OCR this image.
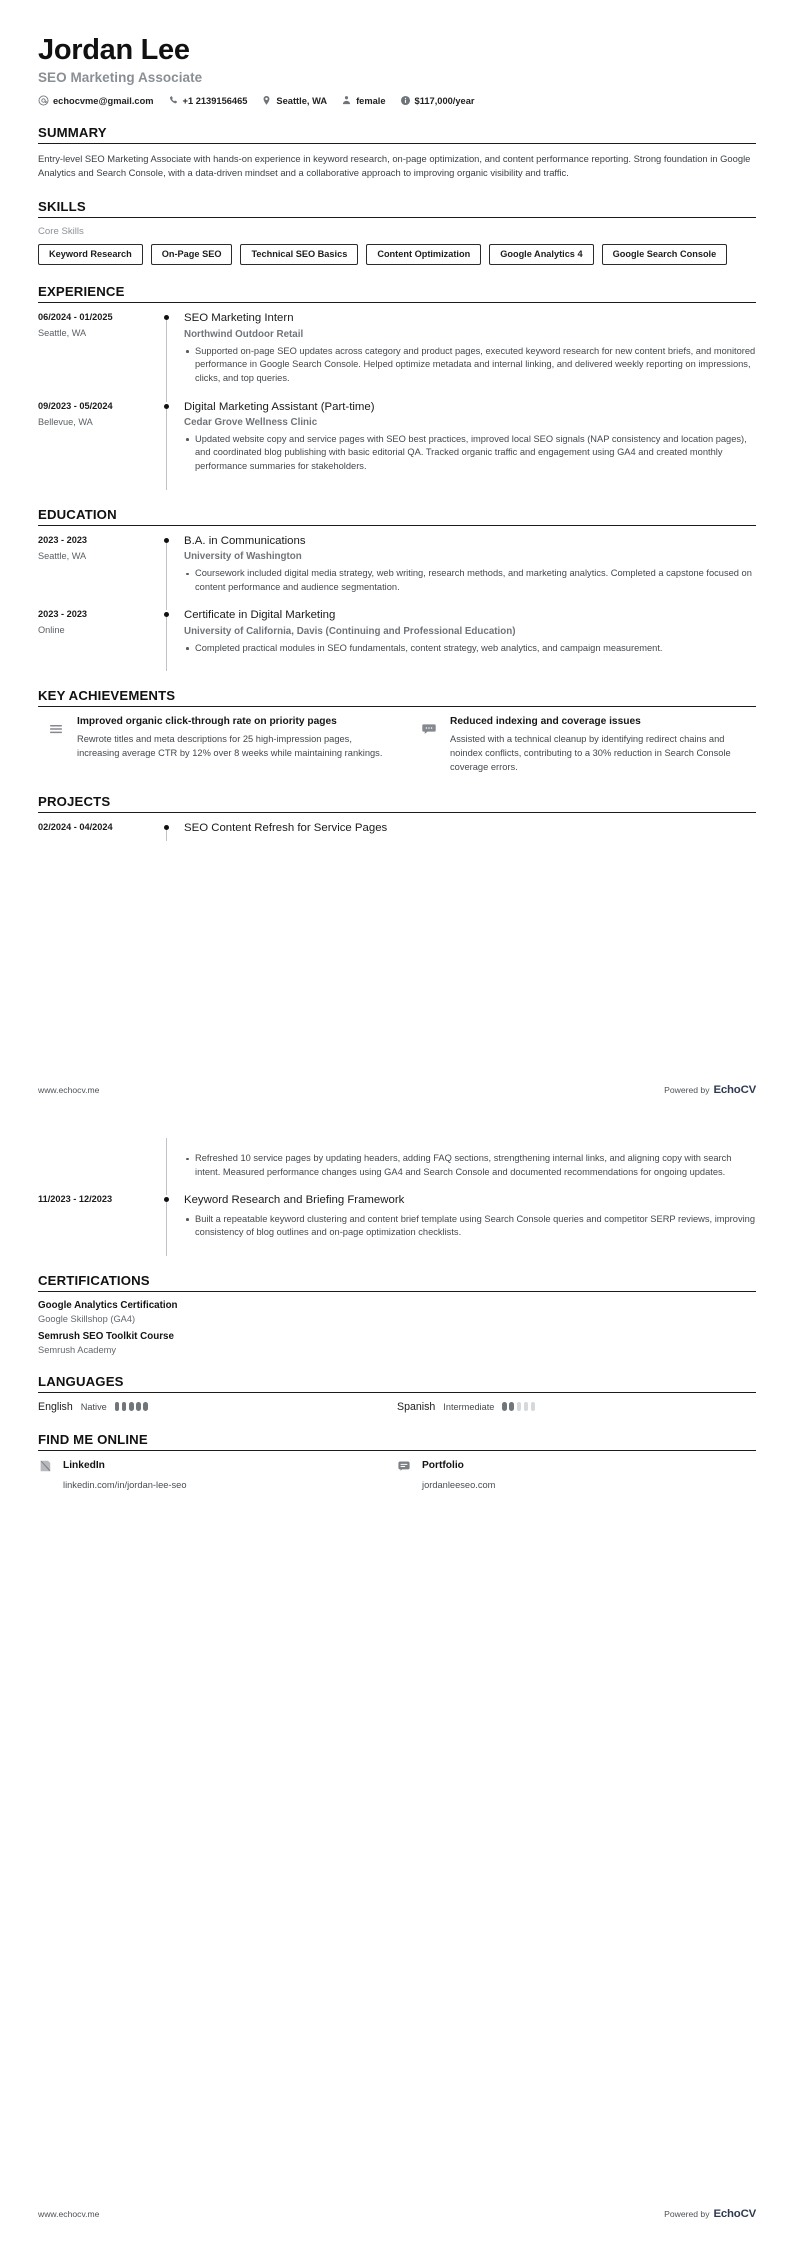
Jordan Lee
SEO Marketing Associate
echocvme@gmail.com	+1 2139156465	Seattle, WA	female	$117,000/year
SUMMARY
Entry-level SEO Marketing Associate with hands-on experience in keyword research, on-page optimization, and content performance reporting. Strong foundation in Google Analytics and Search Console, with a data-driven mindset and a collaborative approach to improving organic visibility and traffic.
SKILLS
Core Skills
Keyword Research	On-Page SEO	Technical SEO Basics	Content Optimization	Google Analytics 4	Google Search Console
EXPERIENCE
06/2024 - 01/2025
Seattle, WA
SEO Marketing Intern
Northwind Outdoor Retail
Supported on-page SEO updates across category and product pages, executed keyword research for new content briefs, and monitored performance in Google Search Console. Helped optimize metadata and internal linking, and delivered weekly reporting on impressions, clicks, and top queries.
09/2023 - 05/2024
Bellevue, WA
Digital Marketing Assistant (Part-time)
Cedar Grove Wellness Clinic
Updated website copy and service pages with SEO best practices, improved local SEO signals (NAP consistency and location pages), and coordinated blog publishing with basic editorial QA. Tracked organic traffic and engagement using GA4 and created monthly performance summaries for stakeholders.
EDUCATION
2023 - 2023
Seattle, WA
B.A. in Communications
University of Washington
Coursework included digital media strategy, web writing, research methods, and marketing analytics. Completed a capstone focused on content performance and audience segmentation.
2023 - 2023
Online
Certificate in Digital Marketing
University of California, Davis (Continuing and Professional Education)
Completed practical modules in SEO fundamentals, content strategy, web analytics, and campaign measurement.
KEY ACHIEVEMENTS
Improved organic click-through rate on priority pages
Rewrote titles and meta descriptions for 25 high-impression pages, increasing average CTR by 12% over 8 weeks while maintaining rankings.
Reduced indexing and coverage issues
Assisted with a technical cleanup by identifying redirect chains and noindex conflicts, contributing to a 30% reduction in Search Console coverage errors.
PROJECTS
02/2024 - 04/2024	SEO Content Refresh for Service Pages
www.echocv.me	Powered by EchoCV
Refreshed 10 service pages by updating headers, adding FAQ sections, strengthening internal links, and aligning copy with search intent. Measured performance changes using GA4 and Search Console and documented recommendations for ongoing updates.
11/2023 - 12/2023	Keyword Research and Briefing Framework
Built a repeatable keyword clustering and content brief template using Search Console queries and competitor SERP reviews, improving consistency of blog outlines and on-page optimization checklists.
CERTIFICATIONS
Google Analytics Certification
Google Skillshop (GA4)
Semrush SEO Toolkit Course
Semrush Academy
LANGUAGES
English Native	Spanish Intermediate
FIND ME ONLINE
LinkedIn
linkedin.com/in/jordan-lee-seo
Portfolio
jordanleeseo.com
www.echocv.me	Powered by EchoCV
